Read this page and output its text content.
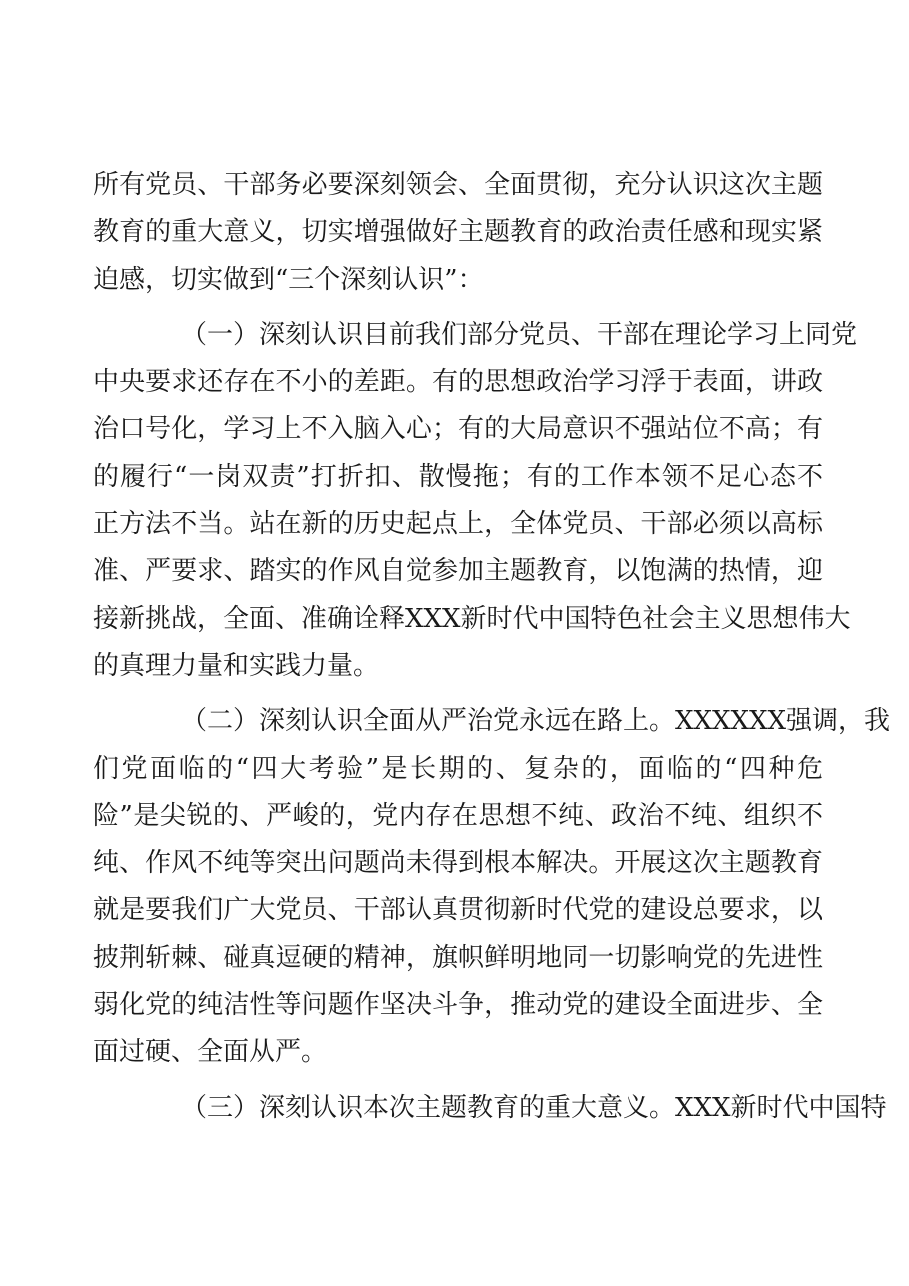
所有党员、干部务必要深刻领会、全面贯彻，充分认识这次主题
教育的重大意义，切实增强做好主题教育的政治责任感和现实紧
迫感，切实做到“三个深刻认识”：
（一）深刻认识目前我们部分党员、干部在理论学习上同党
中央要求还存在不小的差距。有的思想政治学习浮于表面，讲政
治口号化，学习上不入脑入心；有的大局意识不强站位不高；有
的履行“一岗双责”打折扣、散慢拖；有的工作本领不足心态不
正方法不当。站在新的历史起点上，全体党员、干部必须以高标
准、严要求、踏实的作风自觉参加主题教育，以饱满的热情，迎
接新挑战，全面、准确诠释XXX新时代中国特色社会主义思想伟大
的真理力量和实践力量。
（二）深刻认识全面从严治党永远在路上。XXXXXX强调，我
们党面临的“四大考验”是长期的、复杂的，面临的“四种危
险”是尖锐的、严峻的，党内存在思想不纯、政治不纯、组织不
纯、作风不纯等突出问题尚未得到根本解决。开展这次主题教育
就是要我们广大党员、干部认真贯彻新时代党的建设总要求，以
披荆斩棘、碰真逗硬的精神，旗帜鲜明地同一切影响党的先进性
弱化党的纯洁性等问题作坚决斗争，推动党的建设全面进步、全
面过硬、全面从严。
（三）深刻认识本次主题教育的重大意义。XXX新时代中国特
